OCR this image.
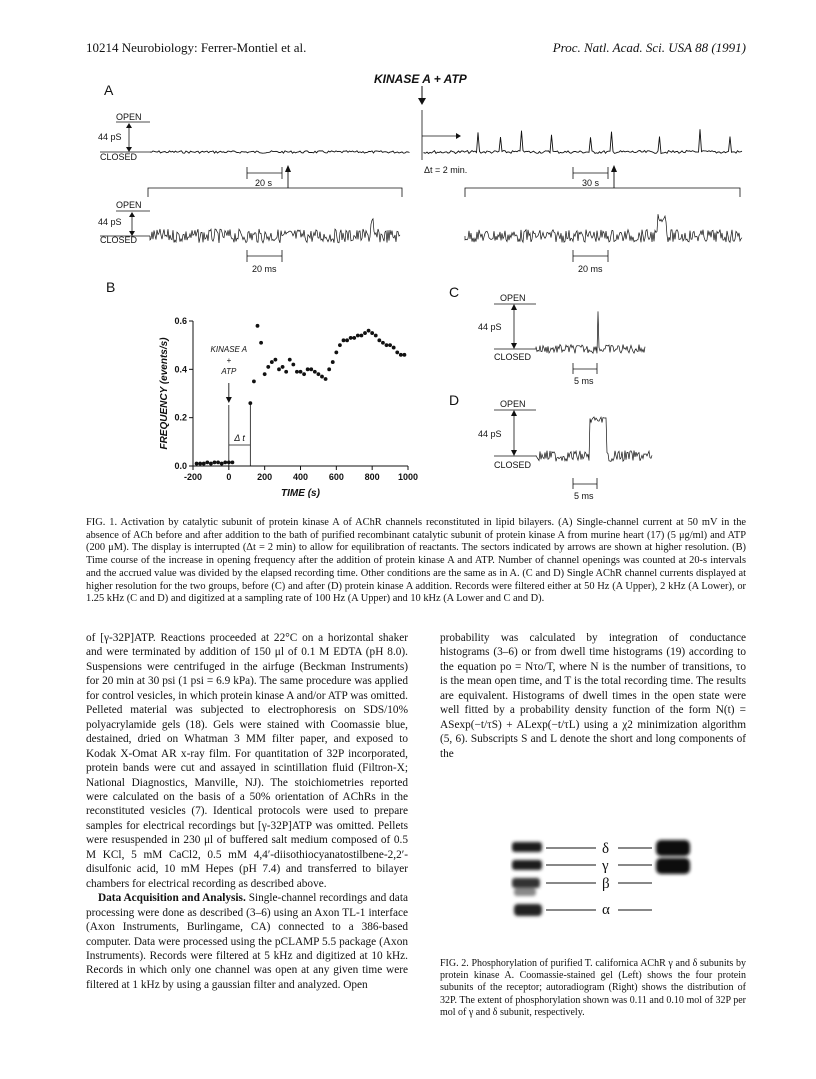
10214 Neurobiology: Ferrer-Montiel et al.	Proc. Natl. Acad. Sci. USA 88 (1991)
A
KINASE A + ATP
OPEN
44 pS
CLOSED
Δt = 2 min.
20 s	30 s
OPEN
44 pS
CLOSED
20 ms	20 ms
B
-200	0	200 400 600 800 1000
0.0
0.2
0.4
0.6
TIME (s)
FREQUENCY (events/s)	KINASE A
+
ATP
Δ t
C	OPEN
44 pS
CLOSED
5 ms
D	OPEN
44 pS
CLOSED
5 ms
FIG. 1. Activation by catalytic subunit of protein kinase A of AChR channels reconstituted in lipid bilayers. (A) Single-channel current at 50 mV in the absence of ACh before and after addition to the bath of purified recombinant catalytic subunit of protein kinase A from murine heart (17) (5 μg/ml) and ATP (200 μM). The display is interrupted (Δt = 2 min) to allow for equilibration of reactants. The sectors indicated by arrows are shown at higher resolution. (B) Time course of the increase in opening frequency after the addition of protein kinase A and ATP. Number of channel openings was counted at 20-s intervals and the accrued value was divided by the elapsed recording time. Other conditions are the same as in A. (C and D) Single AChR channel currents displayed at higher resolution for the two groups, before (C) and after (D) protein kinase A addition. Records were filtered either at 50 Hz (A Upper), 2 kHz (A Lower), or 1.25 kHz (C and D) and digitized at a sampling rate of 100 Hz (A Upper) and 10 kHz (A Lower and C and D).

of [γ-32P]ATP. Reactions proceeded at 22°C on a horizontal shaker and were terminated by addition of 150 μl of 0.1 M EDTA (pH 8.0). Suspensions were centrifuged in the airfuge (Beckman Instruments) for 20 min at 30 psi (1 psi = 6.9 kPa). The same procedure was applied for control vesicles, in which protein kinase A and/or ATP was omitted. Pelleted material was subjected to electrophoresis on SDS/10% polyacrylamide gels (18). Gels were stained with Coomassie blue, destained, dried on Whatman 3 MM filter paper, and exposed to Kodak X-Omat AR x-ray film. For quantitation of 32P incorporated, protein bands were cut and assayed in scintillation fluid (Filtron-X; National Diagnostics, Manville, NJ). The stoichiometries reported were calculated on the basis of a 50% orientation of AChRs in the reconstituted vesicles (7). Identical protocols were used to prepare samples for electrical recordings but [γ-32P]ATP was omitted. Pellets were resuspended in 230 μl of buffered salt medium composed of 0.5 M KCl, 5 mM CaCl2, 0.5 mM 4,4′-diisothiocyanatostilbene-2,2′-disulfonic acid, 10 mM Hepes (pH 7.4) and transferred to bilayer chambers for electrical recording as described above.

Data Acquisition and Analysis. Single-channel recordings and data processing were done as described (3–6) using an Axon TL-1 interface (Axon Instruments, Burlingame, CA) connected to a 386-based computer. Data were processed using the pCLAMP 5.5 package (Axon Instruments). Records were filtered at 5 kHz and digitized at 10 kHz. Records in which only one channel was open at any given time were filtered at 1 kHz by using a gaussian filter and analyzed. Open

probability was calculated by integration of conductance histograms (3–6) or from dwell time histograms (19) according to the equation po = Nτo/T, where N is the number of transitions, τo is the mean open time, and T is the total recording time. The results are equivalent. Histograms of dwell times in the open state were well fitted by a probability density function of the form N(t) = ASexp(−t/τS) + ALexp(−t/τL) using a χ2 minimization algorithm (5, 6). Subscripts S and L denote the short and long components of the

δ
γ
β
α
FIG. 2. Phosphorylation of purified T. californica AChR γ and δ subunits by protein kinase A. Coomassie-stained gel (Left) shows the four protein subunits of the receptor; autoradiogram (Right) shows the distribution of 32P. The extent of phosphorylation shown was 0.11 and 0.10 mol of 32P per mol of γ and δ subunit, respectively.
